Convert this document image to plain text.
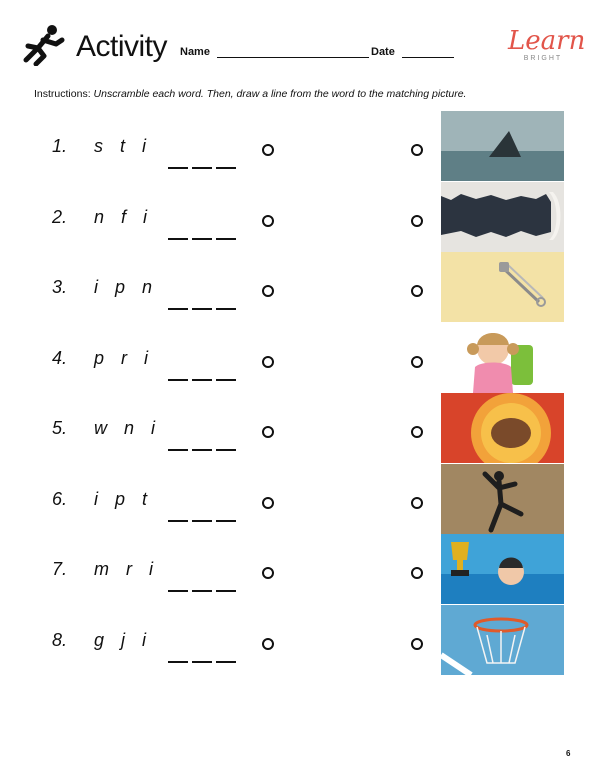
Activity Name	Date	Learn
BRIGHT
Instructions: Unscramble each word. Then, draw a line from the word to the matching picture.
1. s t i
2. n f i
3. i p n
4. p r i
5. w n i
6. i p t
7. m r i
8. g j i
6
